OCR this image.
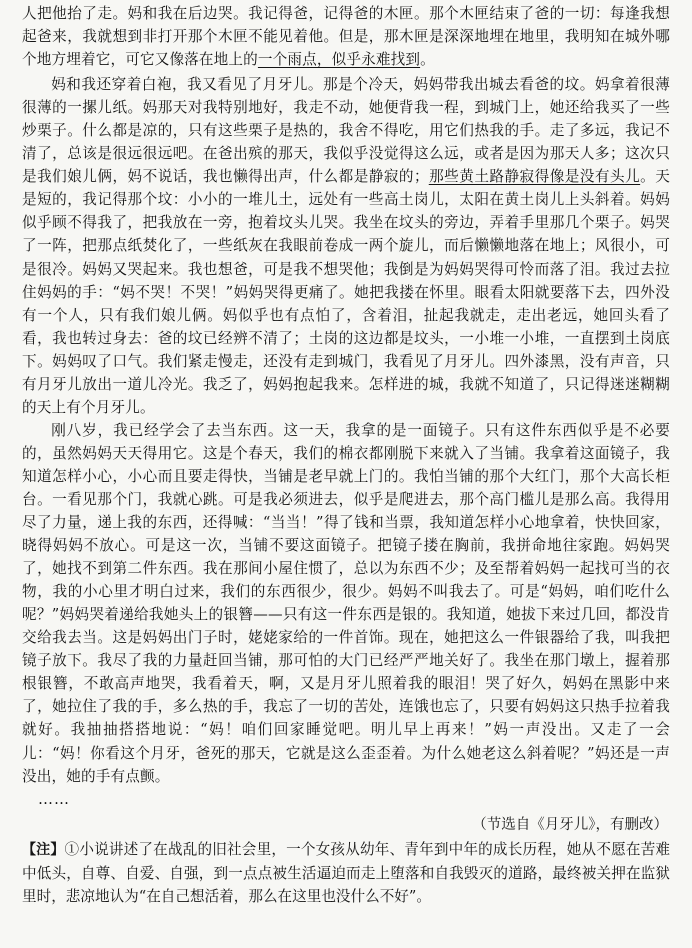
人把他抬了走。妈和我在后边哭。我记得爸，记得爸的木匣。那个木匣结束了爸的一切：每逢我想起爸来，我就想到非打开那个木匣不能见着他。但是，那木匣是深深地埋在地里，我明知在城外哪个地方埋着它，可它又像落在地上的一个雨点，似乎永难找到。

妈和我还穿着白袍，我又看见了月牙儿。那是个冷天，妈妈带我出城去看爸的坟。妈拿着很薄很薄的一摞儿纸。妈那天对我特别地好，我走不动，她便背我一程，到城门上，她还给我买了一些炒栗子。什么都是凉的，只有这些栗子是热的，我舍不得吃，用它们热我的手。走了多远，我记不清了，总该是很远很远吧。在爸出殡的那天，我似乎没觉得这么远，或者是因为那天人多；这次只是我们娘儿俩，妈不说话，我也懒得出声，什么都是静寂的；那些黄土路静寂得像是没有头儿。天是短的，我记得那个坟：小小的一堆儿土，远处有一些高土岗儿，太阳在黄土岗儿上头斜着。妈妈似乎顾不得我了，把我放在一旁，抱着坟头儿哭。我坐在坟头的旁边，弄着手里那几个栗子。妈哭了一阵，把那点纸焚化了，一些纸灰在我眼前卷成一两个旋儿，而后懒懒地落在地上；风很小，可是很冷。妈妈又哭起来。我也想爸，可是我不想哭他；我倒是为妈妈哭得可怜而落了泪。我过去拉住妈妈的手：“妈不哭！不哭！”妈妈哭得更痛了。她把我搂在怀里。眼看太阳就要落下去，四外没有一个人，只有我们娘儿俩。妈似乎也有点怕了，含着泪，扯起我就走，走出老远，她回头看了看，我也转过身去：爸的坟已经辨不清了；土岗的这边都是坟头，一小堆一小堆，一直摆到土岗底下。妈妈叹了口气。我们紧走慢走，还没有走到城门，我看见了月牙儿。四外漆黑，没有声音，只有月牙儿放出一道儿冷光。我乏了，妈妈抱起我来。怎样进的城，我就不知道了，只记得迷迷糊糊的天上有个月牙儿。

刚八岁，我已经学会了去当东西。这一天，我拿的是一面镜子。只有这件东西似乎是不必要的，虽然妈妈天天得用它。这是个春天，我们的棉衣都刚脱下来就入了当铺。我拿着这面镜子，我知道怎样小心，小心而且要走得快，当铺是老早就上门的。我怕当铺的那个大红门，那个大高长柜台。一看见那个门，我就心跳。可是我必须进去，似乎是爬进去，那个高门槛儿是那么高。我得用尽了力量，递上我的东西，还得喊：“当当！”得了钱和当票，我知道怎样小心地拿着，快快回家，晓得妈妈不放心。可是这一次，当铺不要这面镜子。把镜子搂在胸前，我拼命地往家跑。妈妈哭了，她找不到第二件东西。我在那间小屋住惯了，总以为东西不少；及至帮着妈妈一起找可当的衣物，我的小心里才明白过来，我们的东西很少，很少。妈妈不叫我去了。可是“妈妈，咱们吃什么呢？”妈妈哭着递给我她头上的银簪——只有这一件东西是银的。我知道，她拔下来过几回，都没肯交给我去当。这是妈妈出门子时，姥姥家给的一件首饰。现在，她把这么一件银器给了我，叫我把镜子放下。我尽了我的力量赶回当铺，那可怕的大门已经严严地关好了。我坐在那门墩上，握着那根银簪，不敢高声地哭，我看着天，啊，又是月牙儿照着我的眼泪！哭了好久，妈妈在黑影中来了，她拉住了我的手，多么热的手，我忘了一切的苦处，连饿也忘了，只要有妈妈这只热手拉着我就好。我抽抽搭搭地说：“妈！咱们回家睡觉吧。明儿早上再来！”妈一声没出。又走了一会儿：“妈！你看这个月牙，爸死的那天，它就是这么歪歪着。为什么她老这么斜着呢？”妈还是一声没出，她的手有点颤。

……

（节选自《月牙儿》，有删改）

【注】①小说讲述了在战乱的旧社会里，一个女孩从幼年、青年到中年的成长历程，她从不愿在苦难中低头，自尊、自爱、自强，到一点点被生活逼迫而走上堕落和自我毁灭的道路，最终被关押在监狱里时，悲凉地认为“在自己想活着，那么在这里也没什么不好”。
